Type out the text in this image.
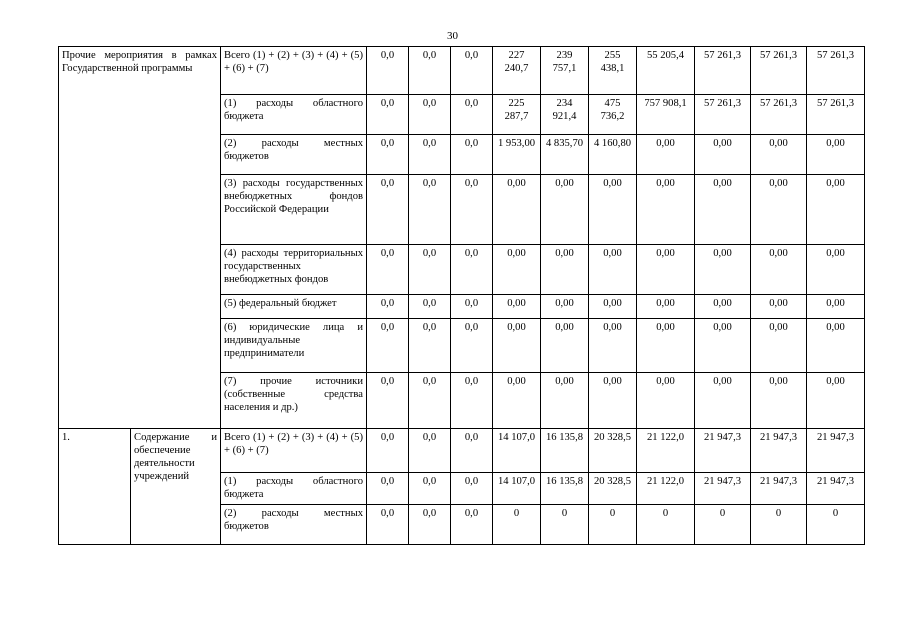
30
Прочие мероприятия в рамках Государственной программы		Всего (1) + (2) + (3) + (4) + (5) + (6) + (7)	0,0	0,0	0,0	227 240,7	239 757,1	255 438,1	55 205,4	57 261,3	57 261,3	57 261,3
		(1) расходы областного бюджета	0,0	0,0	0,0	225 287,7	234 921,4	475 736,2	757 908,1	57 261,3	57 261,3	57 261,3
		(2) расходы местных бюджетов	0,0	0,0	0,0	1 953,00	4 835,70	4 160,80	0,00	0,00	0,00	0,00
		(3) расходы государственных внебюджетных фондов Российской Федерации	0,0	0,0	0,0	0,00	0,00	0,00	0,00	0,00	0,00	0,00
		(4) расходы территориальных государственных внебюджетных фондов	0,0	0,0	0,0	0,00	0,00	0,00	0,00	0,00	0,00	0,00
		(5) федеральный бюджет	0,0	0,0	0,0	0,00	0,00	0,00	0,00	0,00	0,00	0,00
		(6) юридические лица и индивидуальные предприниматели	0,0	0,0	0,0	0,00	0,00	0,00	0,00	0,00	0,00	0,00
		(7) прочие источники (собственные средства населения и др.)	0,0	0,0	0,0	0,00	0,00	0,00	0,00	0,00	0,00	0,00
1.	Содержание и обеспечение деятельности учреждений	Всего (1) + (2) + (3) + (4) + (5) + (6) + (7)	0,0	0,0	0,0	14 107,0	16 135,8	20 328,5	21 122,0	21 947,3	21 947,3	21 947,3
		(1) расходы областного бюджета	0,0	0,0	0,0	14 107,0	16 135,8	20 328,5	21 122,0	21 947,3	21 947,3	21 947,3
		(2) расходы местных бюджетов	0,0	0,0	0,0	0	0	0	0	0	0	0
